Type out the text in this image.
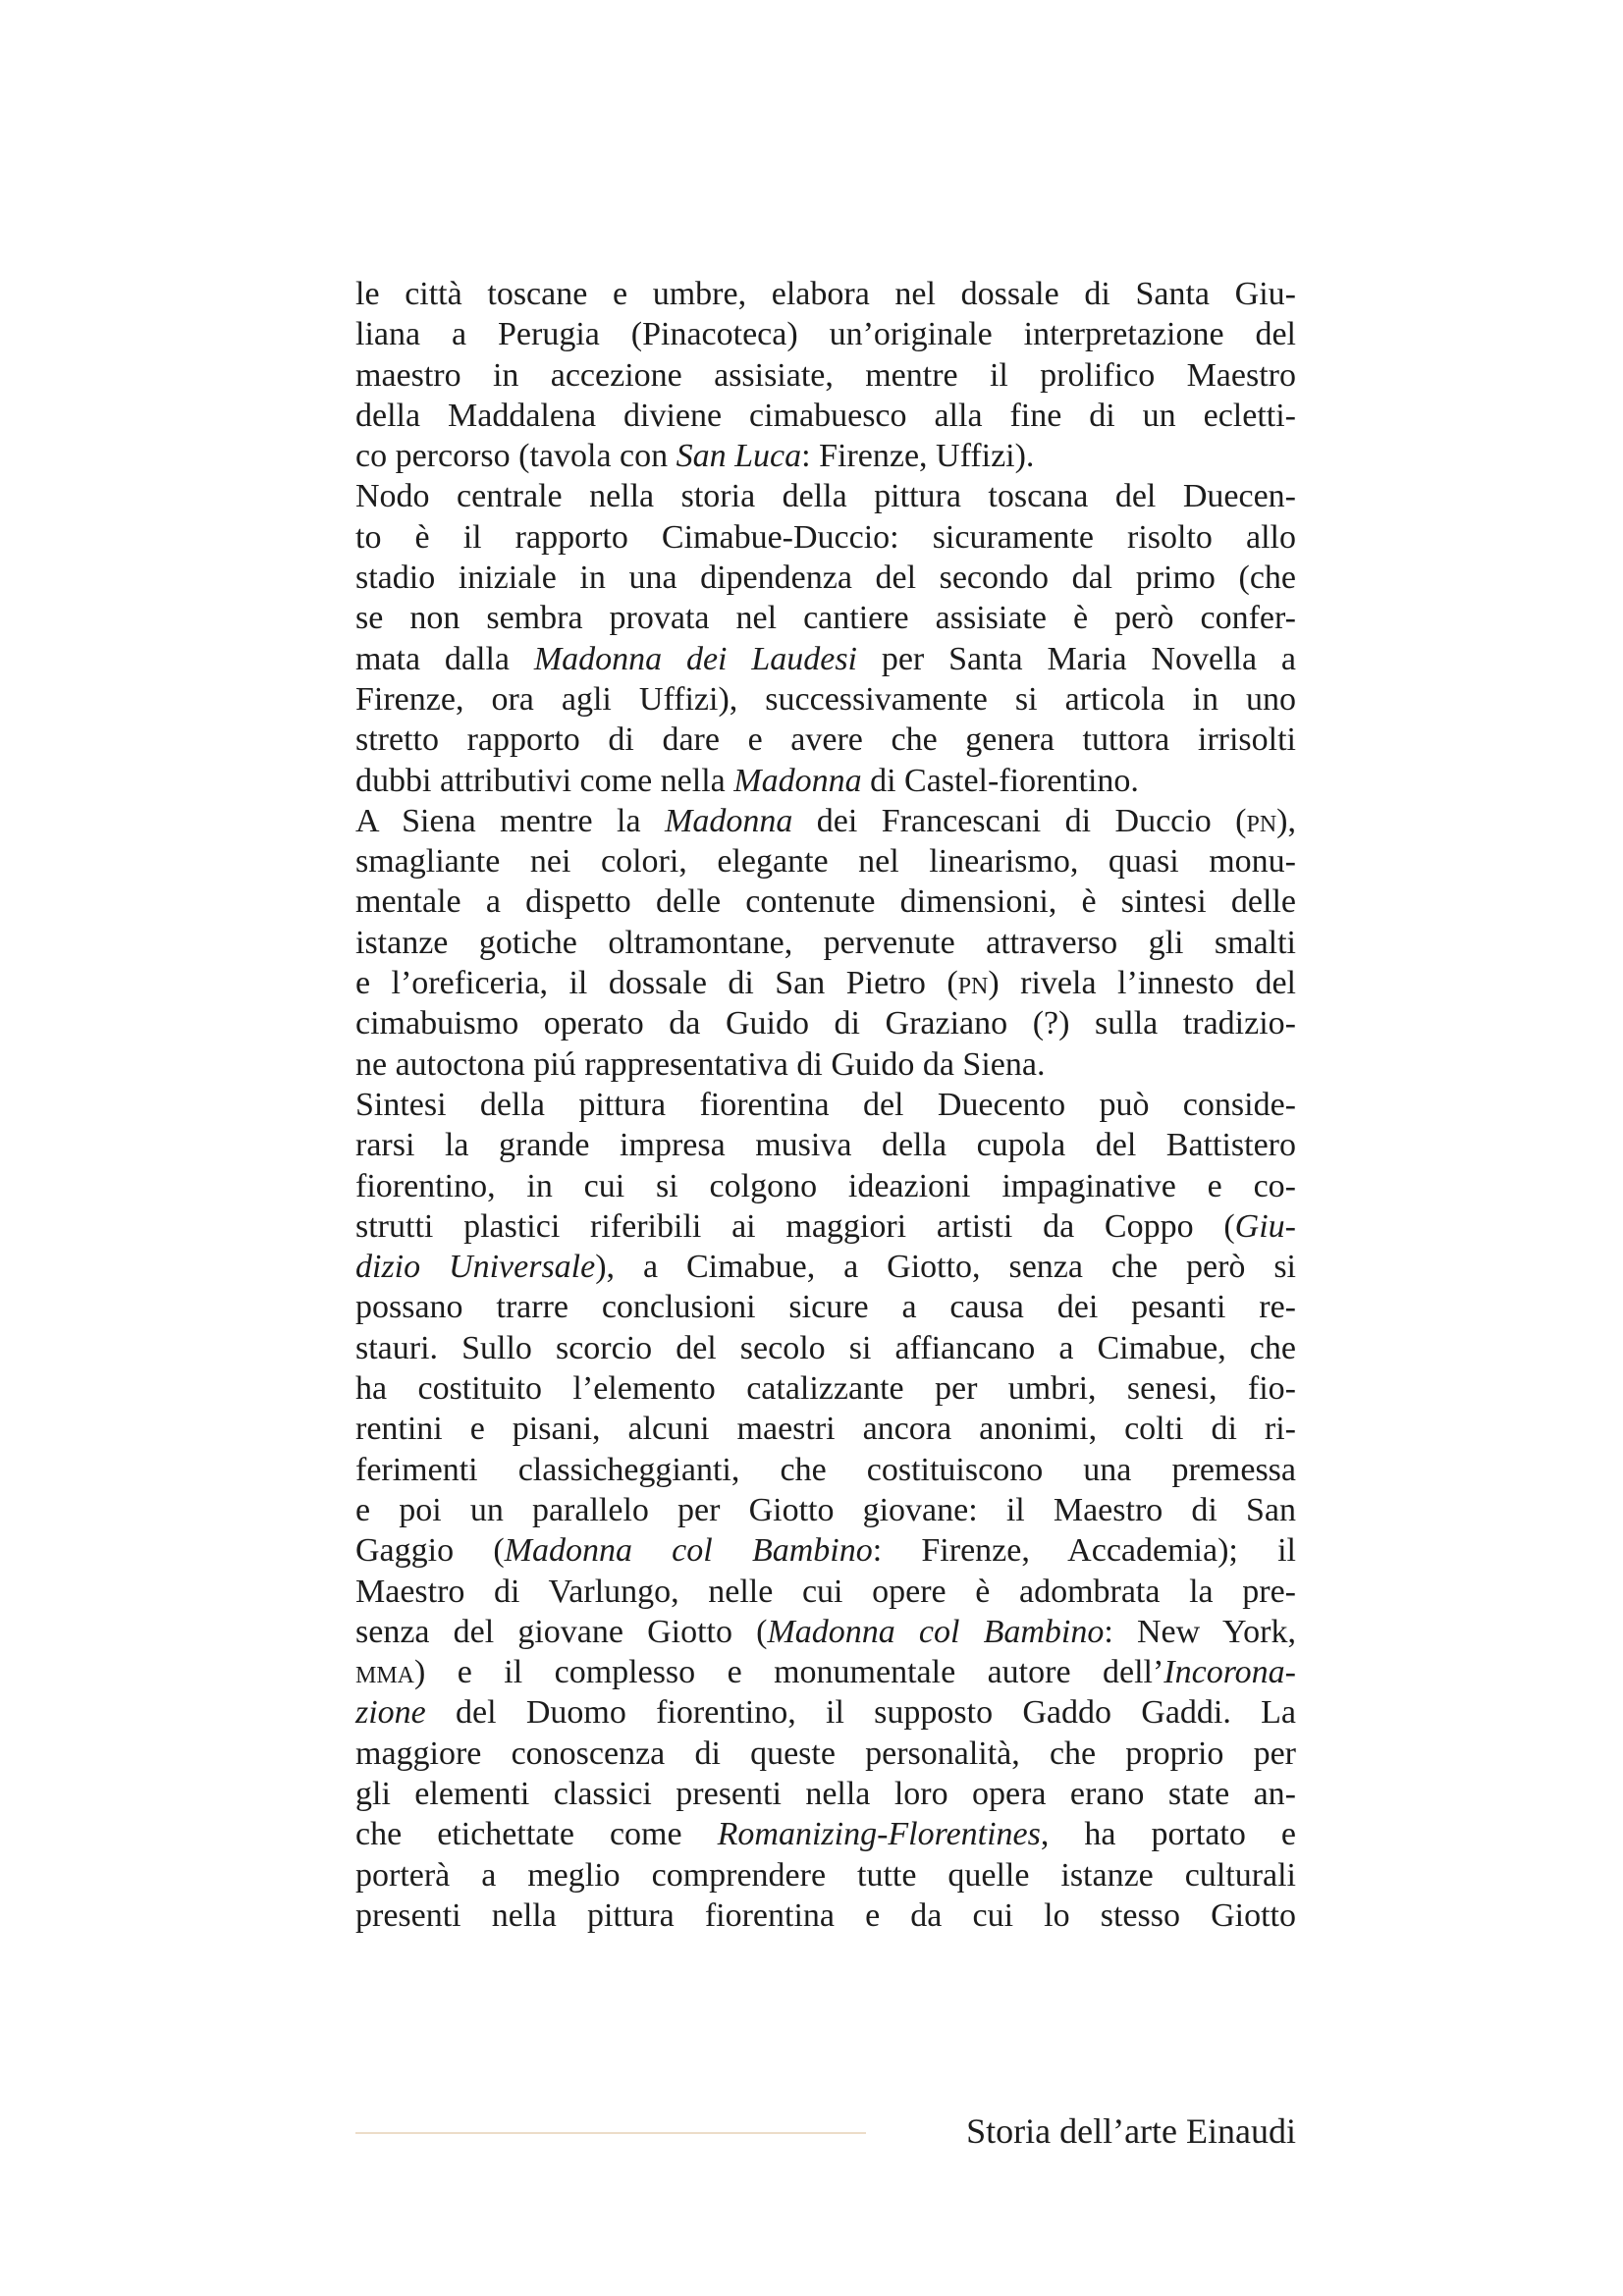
le città toscane e umbre, elabora nel dossale di Santa Giu-
liana a Perugia (Pinacoteca) un’originale interpretazione del
maestro in accezione assisiate, mentre il prolifico Maestro
della Maddalena diviene cimabuesco alla fine di un ecletti-
co percorso (tavola con San Luca: Firenze, Uffizi).
Nodo centrale nella storia della pittura toscana del Duecen-
to è il rapporto Cimabue-Duccio: sicuramente risolto allo
stadio iniziale in una dipendenza del secondo dal primo (che
se non sembra provata nel cantiere assisiate è però confer-
mata dalla Madonna dei Laudesi per Santa Maria Novella a
Firenze, ora agli Uffizi), successivamente si articola in uno
stretto rapporto di dare e avere che genera tuttora irrisolti
dubbi attributivi come nella Madonna di Castel-fiorentino.
A Siena mentre la Madonna dei Francescani di Duccio (pn),
smagliante nei colori, elegante nel linearismo, quasi monu-
mentale a dispetto delle contenute dimensioni, è sintesi delle
istanze gotiche oltramontane, pervenute attraverso gli smalti
e l’oreficeria, il dossale di San Pietro (pn) rivela l’innesto del
cimabuismo operato da Guido di Graziano (?) sulla tradizio-
ne autoctona piú rappresentativa di Guido da Siena.
Sintesi della pittura fiorentina del Duecento può conside-
rarsi la grande impresa musiva della cupola del Battistero
fiorentino, in cui si colgono ideazioni impaginative e co-
strutti plastici riferibili ai maggiori artisti da Coppo (Giu-
dizio Universale), a Cimabue, a Giotto, senza che però si
possano trarre conclusioni sicure a causa dei pesanti re-
stauri. Sullo scorcio del secolo si affiancano a Cimabue, che
ha costituito l’elemento catalizzante per umbri, senesi, fio-
rentini e pisani, alcuni maestri ancora anonimi, colti di ri-
ferimenti classicheggianti, che costituiscono una premessa
e poi un parallelo per Giotto giovane: il Maestro di San
Gaggio (Madonna col Bambino: Firenze, Accademia); il
Maestro di Varlungo, nelle cui opere è adombrata la pre-
senza del giovane Giotto (Madonna col Bambino: New York,
mma) e il complesso e monumentale autore dell’Incorona-
zione del Duomo fiorentino, il supposto Gaddo Gaddi. La
maggiore conoscenza di queste personalità, che proprio per
gli elementi classici presenti nella loro opera erano state an-
che etichettate come Romanizing-Florentines, ha portato e
porterà a meglio comprendere tutte quelle istanze culturali
presenti nella pittura fiorentina e da cui lo stesso Giotto
Storia dell’arte Einaudi
